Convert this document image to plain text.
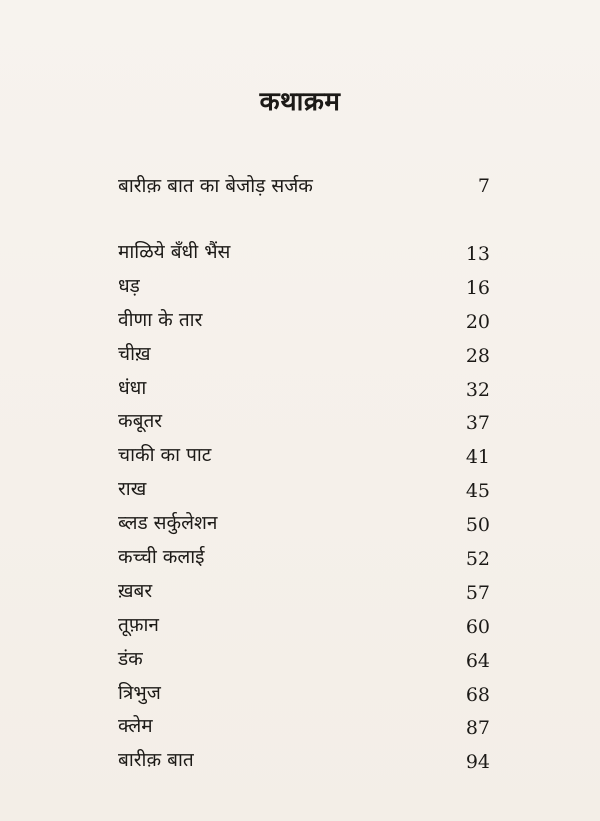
कथाक्रम
बारीक़ बात का बेजोड़ सर्जक	7
माळिये बँधी भैंस	13
धड़	16
वीणा के तार	20
चीख़	28
धंधा	32
कबूतर	37
चाकी का पाट	41
राख	45
ब्लड सर्कुलेशन	50
कच्ची कलाई	52
ख़बर	57
तूफ़ान	60
डंक	64
त्रिभुज	68
क्लेम	87
बारीक़ बात	94
